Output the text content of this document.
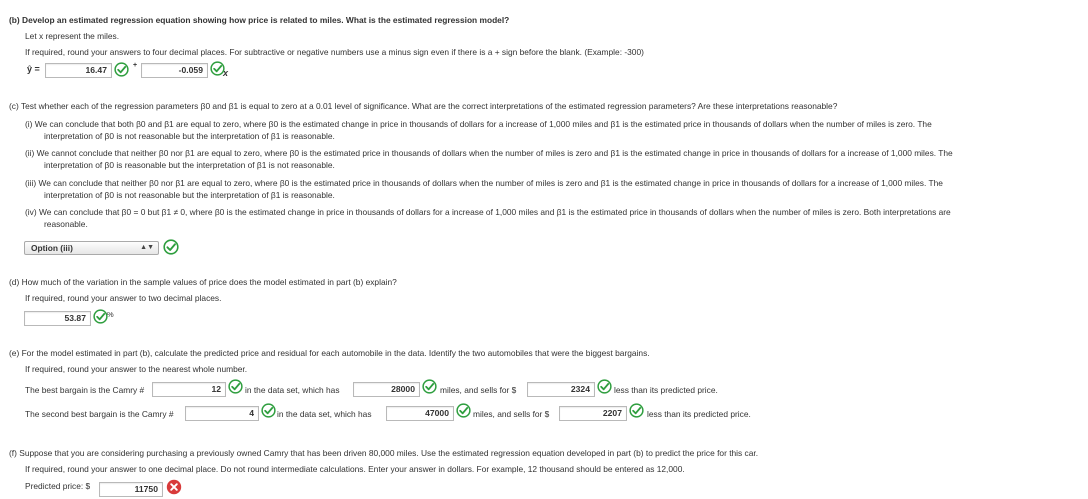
(b) Develop an estimated regression equation showing how price is related to miles. What is the estimated regression model?
Let x represent the miles.
If required, round your answers to four decimal places. For subtractive or negative numbers use a minus sign even if there is a + sign before the blank. (Example: -300)
ŷ =	16.47	+	-0.059	x
(c) Test whether each of the regression parameters β0 and β1 is equal to zero at a 0.01 level of significance. What are the correct interpretations of the estimated regression parameters? Are these interpretations reasonable?
(i) We can conclude that both β0 and β1 are equal to zero, where β0 is the estimated change in price in thousands of dollars for a increase of 1,000 miles and β1 is the estimated price in thousands of dollars when the number of miles is zero. The
interpretation of β0 is not reasonable but the interpretation of β1 is reasonable.
(ii) We cannot conclude that neither β0 nor β1 are equal to zero, where β0 is the estimated price in thousands of dollars when the number of miles is zero and β1 is the estimated change in price in thousands of dollars for a increase of 1,000 miles. The
interpretation of β0 is reasonable but the interpretation of β1 is not reasonable.
(iii) We can conclude that neither β0 nor β1 are equal to zero, where β0 is the estimated price in thousands of dollars when the number of miles is zero and β1 is the estimated change in price in thousands of dollars for a increase of 1,000 miles. The
interpretation of β0 is not reasonable but the interpretation of β1 is reasonable.
(iv) We can conclude that β0 = 0 but β1 ≠ 0, where β0 is the estimated change in price in thousands of dollars for a increase of 1,000 miles and β1 is the estimated price in thousands of dollars when the number of miles is zero. Both interpretations are
reasonable.
Option (iii)	▲▼
(d) How much of the variation in the sample values of price does the model estimated in part (b) explain?
If required, round your answer to two decimal places.
53.87	%
(e) For the model estimated in part (b), calculate the predicted price and residual for each automobile in the data. Identify the two automobiles that were the biggest bargains.
If required, round your answer to the nearest whole number.
The best bargain is the Camry #	12	in the data set, which has	28000	miles, and sells for $	2324	less than its predicted price.
The second best bargain is the Camry #	4	in the data set, which has	47000	miles, and sells for $	2207	less than its predicted price.
(f) Suppose that you are considering purchasing a previously owned Camry that has been driven 80,000 miles. Use the estimated regression equation developed in part (b) to predict the price for this car.
If required, round your answer to one decimal place. Do not round intermediate calculations. Enter your answer in dollars. For example, 12 thousand should be entered as 12,000.
Predicted price: $	11750
